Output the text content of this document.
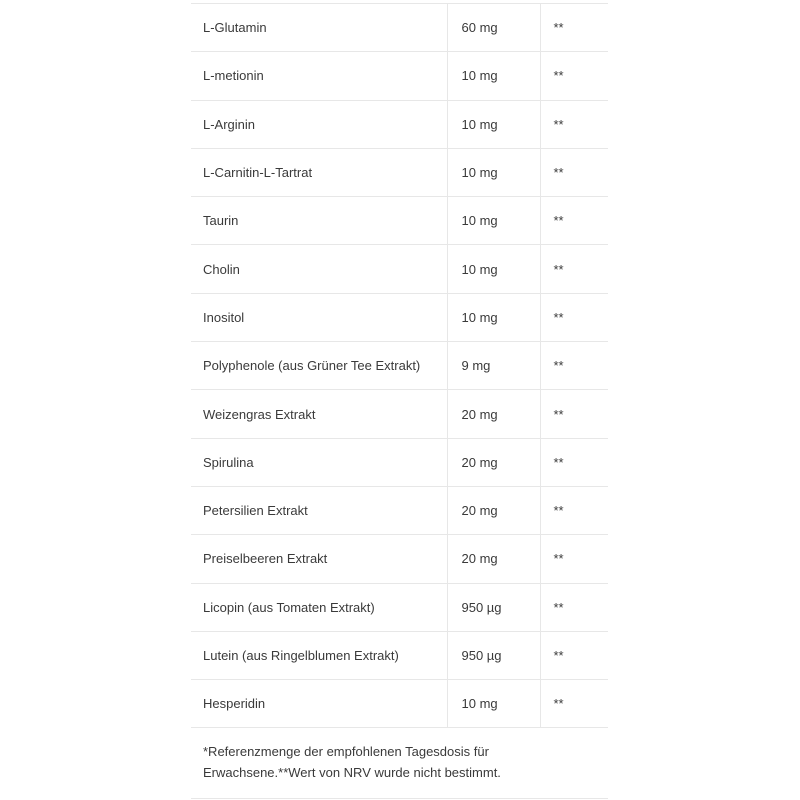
L-Glutamin	60 mg	**
L-metionin	10 mg	**
L-Arginin	10 mg	**
L-Carnitin-L-Tartrat	10 mg	**
Taurin	10 mg	**
Cholin	10 mg	**
Inositol	10 mg	**
Polyphenole (aus Grüner Tee Extrakt)	9 mg	**
Weizengras Extrakt	20 mg	**
Spirulina	20 mg	**
Petersilien Extrakt	20 mg	**
Preiselbeeren Extrakt	20 mg	**
Licopin (aus Tomaten Extrakt)	950 µg	**
Lutein (aus Ringelblumen Extrakt)	950 µg	**
Hesperidin	10 mg	**
*Referenzmenge der empfohlenen Tagesdosis für
Erwachsene.**Wert von NRV wurde nicht bestimmt.
